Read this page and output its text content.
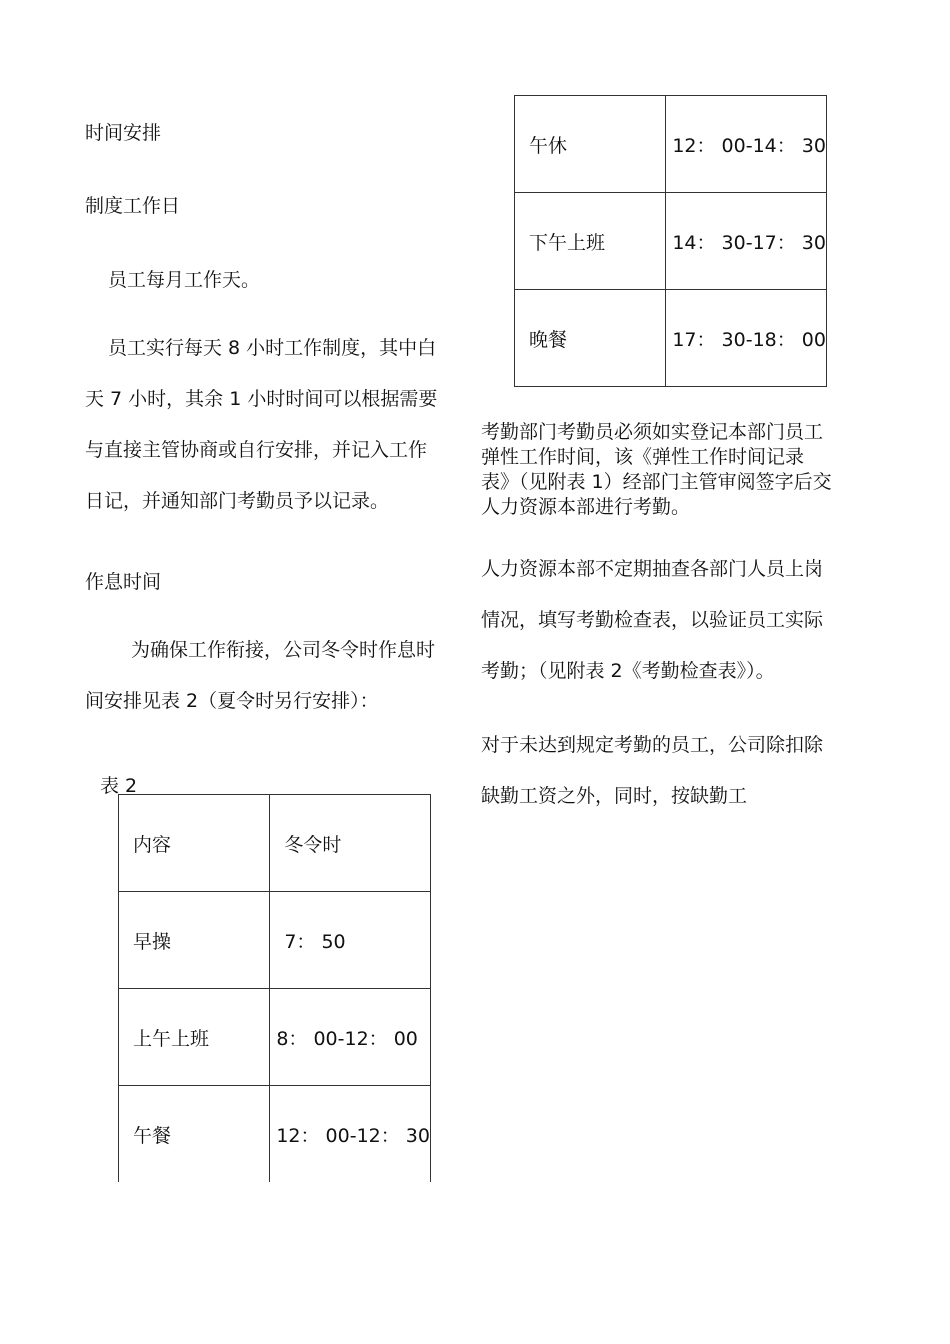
时间安排
制度工作日
员工每月工作天。
员工实行每天 8 小时工作制度，其中白
天 7 小时，其余 1 小时时间可以根据需要
与直接主管协商或自行安排，并记入工作
日记，并通知部门考勤员予以记录。
作息时间
为确保工作衔接，公司冬令时作息时
间安排见表 2（夏令时另行安排）：
表 2
内容	冬令时
早操	7： 50
上午上班	8： 00-12： 00
午餐	12： 00-12： 30
午休	12： 00-14： 30
下午上班	14： 30-17： 30
晚餐	17： 30-18： 00
考勤部门考勤员必须如实登记本部门员工
弹性工作时间，该《弹性工作时间记录
表》（见附表 1）经部门主管审阅签字后交
人力资源本部进行考勤。
人力资源本部不定期抽查各部门人员上岗
情况，填写考勤检查表，以验证员工实际
考勤；（见附表 2《考勤检查表》）。
对于未达到规定考勤的员工，公司除扣除
缺勤工资之外，同时，按缺勤工
